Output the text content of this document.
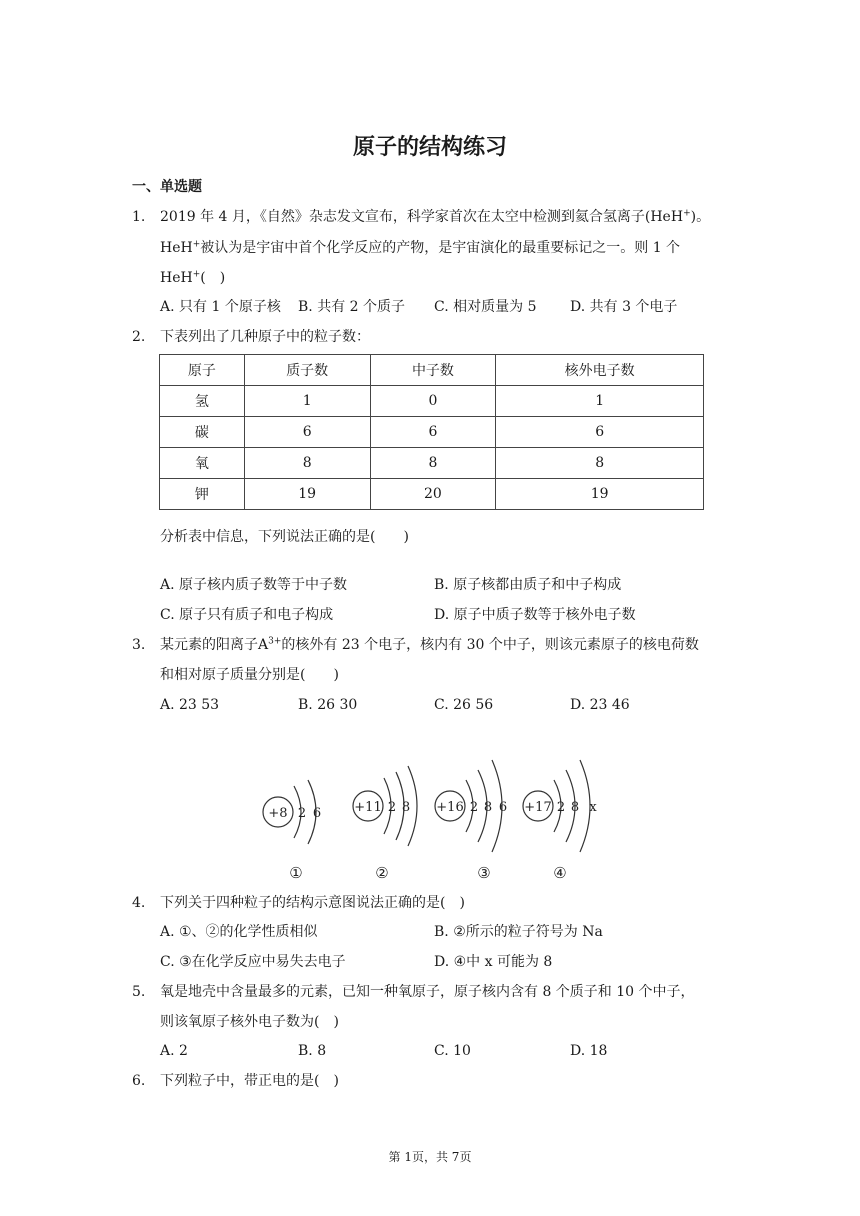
原子的结构练习
一、单选题
1. 2019 年 4 月，《自然》杂志发文宣布，科学家首次在太空中检测到氦合氢离子(HeH+)。
HeH+被认为是宇宙中首个化学反应的产物，是宇宙演化的最重要标记之一。则 1 个
HeH+(　)
A. 只有 1 个原子核 B. 共有 2 个质子 C. 相对质量为 5 D. 共有 3 个电子
2. 下表列出了几种原子中的粒子数：
原子	质子数	中子数	核外电子数
氢	1	0	1
碳	6	6	6
氧	8	8	8
钾	19	20	19
分析表中信息，下列说法正确的是(　　)
A. 原子核内质子数等于中子数	B. 原子核都由质子和中子构成
C. 原子只有质子和电子构成	D. 原子中质子数等于核外电子数
3. 某元素的阳离子$A^{3+}$的核外有 23 个电子，核内有 30 个中子，则该元素原子的核电荷数
和相对原子质量分别是(　　)
A. 23 53	B. 26 30	C. 26 56	D. 23 46
+8 2 6	+11 2 8 +16 2 8 6 +17 2 8 x
①	②	③	④
4. 下列关于四种粒子的结构示意图说法正确的是(　)
A. ①、②的化学性质相似	B. ②所示的粒子符号为 Na
C. ③在化学反应中易失去电子	D. ④中 x 可能为 8
5. 氧是地壳中含量最多的元素，已知一种氧原子，原子核内含有 8 个质子和 10 个中子，
则该氧原子核外电子数为(　)
A. 2	B. 8	C. 10	D. 18
6. 下列粒子中，带正电的是(　)
第 1页，共 7页
